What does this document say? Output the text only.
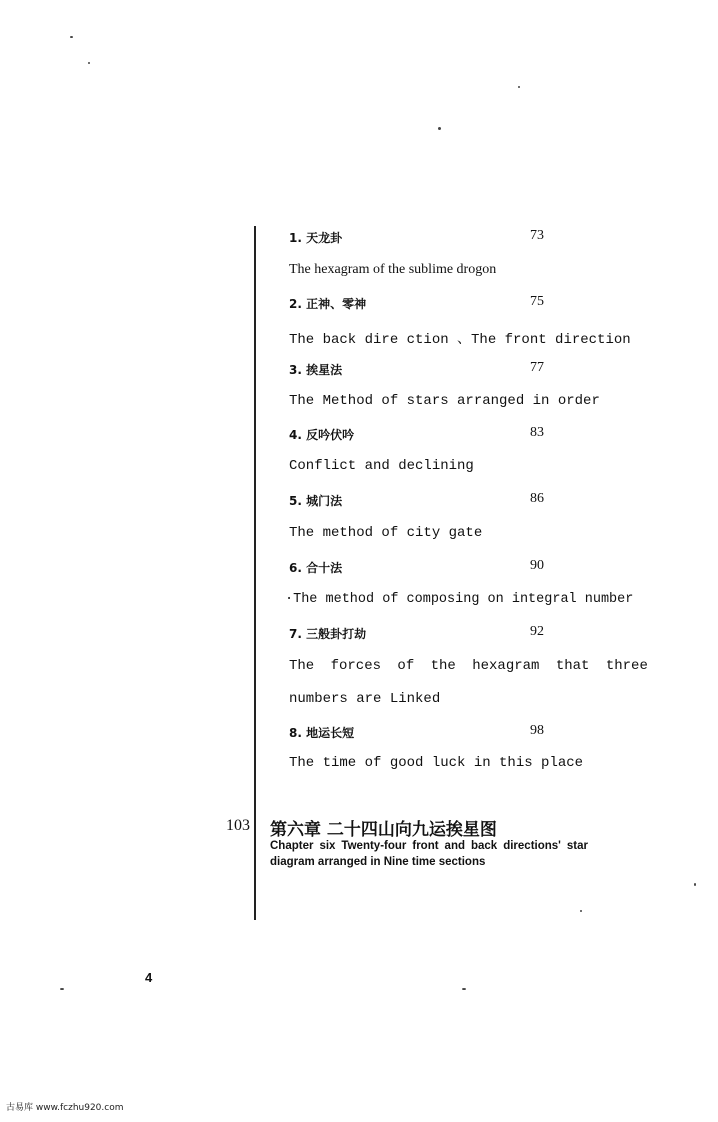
1. 天龙卦	73
The hexagram of the sublime drogon
2. 正神、零神	75
The back dire ction 、The front direction
3. 挨星法	77
The Method of stars arranged in order
4. 反吟伏吟	83
Conflict and declining
5. 城门法	86
The method of city gate
6. 合十法	90
·The method of composing on integral number
7. 三般卦打劫	92
The forces of the hexagram that three
numbers are Linked
8. 地运长短	98
The time of good luck in this place
103 第六章 二十四山向九运挨星图
Chapter six Twenty-four front and back directions' star diagram arranged in Nine time sections
4
古易库 www.fczhu920.com
